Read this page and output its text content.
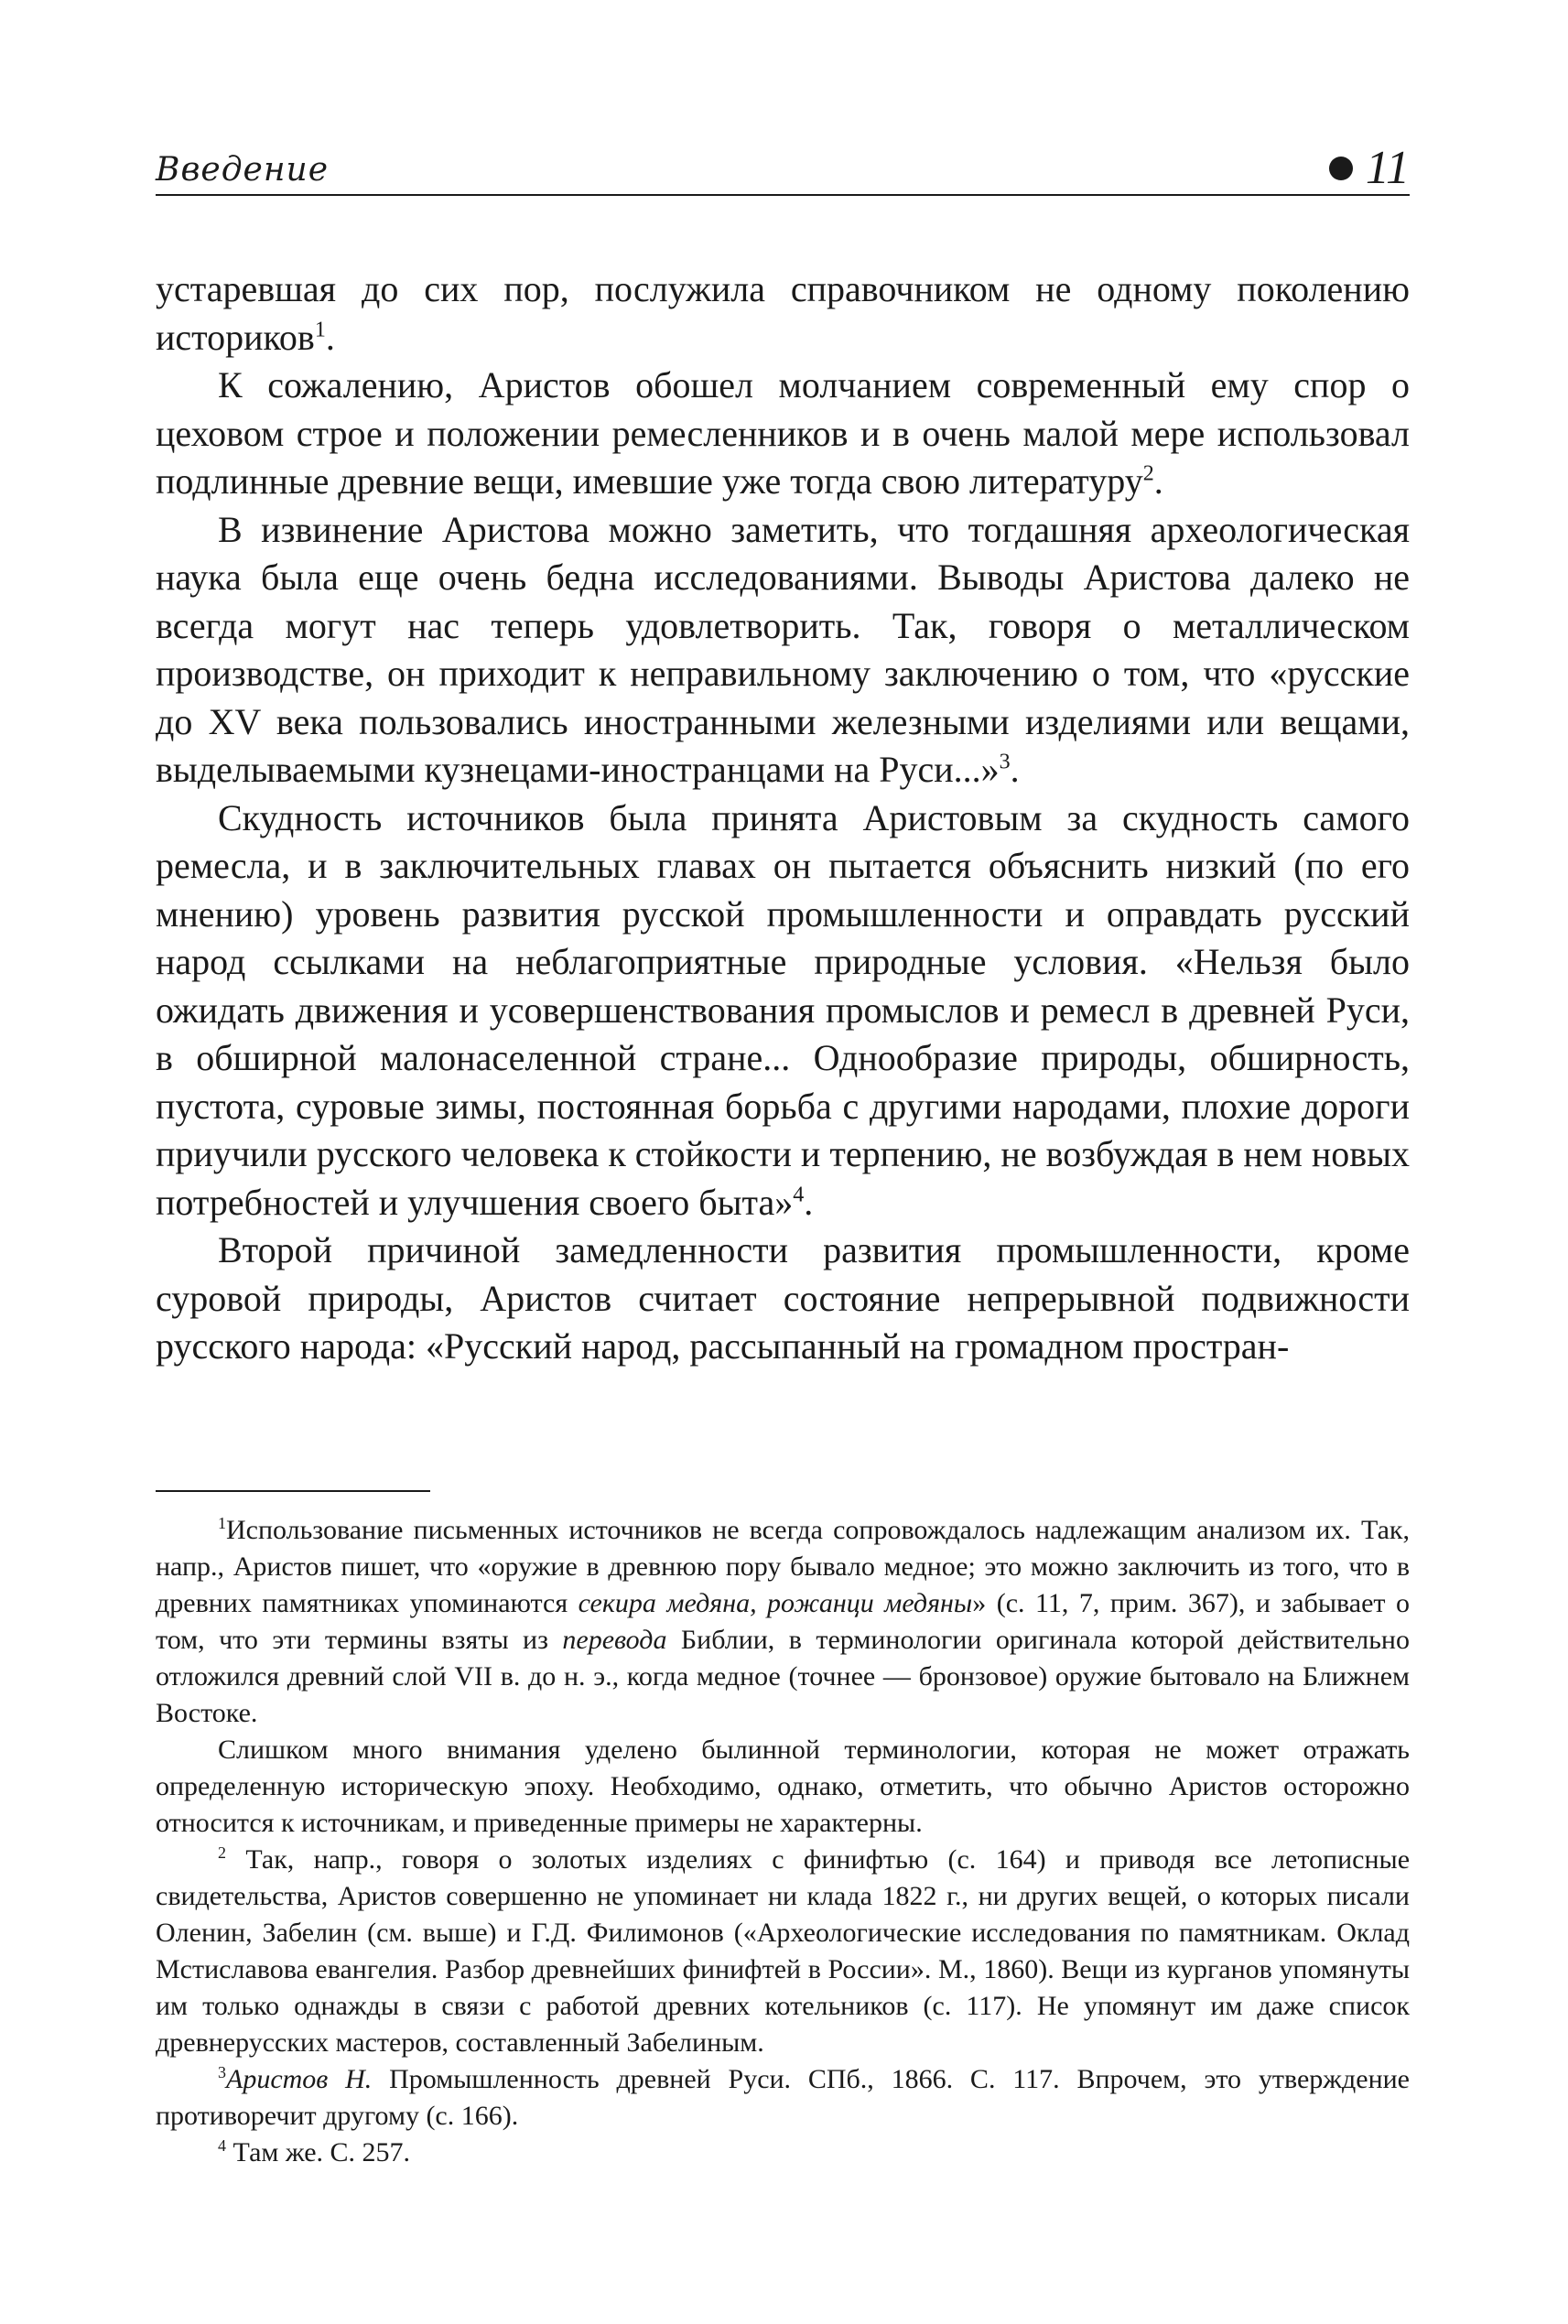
Введение	11

устаревшая до сих пор, послужила справочником не одному поколению историков$^1$.

К сожалению, Аристов обошел молчанием современный ему спор о цеховом строе и положении ремесленников и в очень малой мере использовал подлинные древние вещи, имевшие уже тогда свою литературу$^2$.

В извинение Аристова можно заметить, что тогдашняя археологическая наука была еще очень бедна исследованиями. Выводы Аристова далеко не всегда могут нас теперь удовлетворить. Так, говоря о металлическом производстве, он приходит к неправильному заключению о том, что «русские до XV века пользовались иностранными железными изделиями или вещами, выделываемыми кузнецами-иностранцами на Руси...»$^3$.

Скудность источников была принята Аристовым за скудность самого ремесла, и в заключительных главах он пытается объяснить низкий (по его мнению) уровень развития русской промышленности и оправдать русский народ ссылками на неблагоприятные природные условия. «Нельзя было ожидать движения и усовершенствования промыслов и ремесл в древней Руси, в обширной малонаселенной стране... Однообразие природы, обширность, пустота, суровые зимы, постоянная борьба с другими народами, плохие дороги приучили русского человека к стойкости и терпению, не возбуждая в нем новых потребностей и улучшения своего быта»$^4$.

Второй причиной замедленности развития промышленности, кроме суровой природы, Аристов считает состояние непрерывной подвижности русского народа: «Русский народ, рассыпанный на громадном простран-

$^1$Использование письменных источников не всегда сопровождалось надлежащим анализом их. Так, напр., Аристов пишет, что «оружие в древнюю пору бывало медное; это можно заключить из того, что в древних памятниках упоминаются секира медяна, рожанци медяны» (с. 11, 7, прим. 367), и забывает о том, что эти термины взяты из перевода Библии, в терминологии оригинала которой действительно отложился древний слой VII в. до н. э., когда медное (точнее — бронзовое) оружие бытовало на Ближнем Востоке.

Слишком много внимания уделено былинной терминологии, которая не может отражать определенную историческую эпоху. Необходимо, однако, отметить, что обычно Аристов осторожно относится к источникам, и приведенные примеры не характерны.

$^2$ Так, напр., говоря о золотых изделиях с финифтью (с. 164) и приводя все летописные свидетельства, Аристов совершенно не упоминает ни клада 1822 г., ни других вещей, о которых писали Оленин, Забелин (см. выше) и Г.Д. Филимонов («Археологические исследования по памятникам. Оклад Мстиславова евангелия. Разбор древнейших финифтей в России». М., 1860). Вещи из курганов упомянуты им только однажды в связи с работой древних котельников (с. 117). Не упомянут им даже список древнерусских мастеров, составленный Забелиным.

$^3$Аристов Н. Промышленность древней Руси. СПб., 1866. С. 117. Впрочем, это утверждение противоречит другому (с. 166).

$^4$ Там же. С. 257.
